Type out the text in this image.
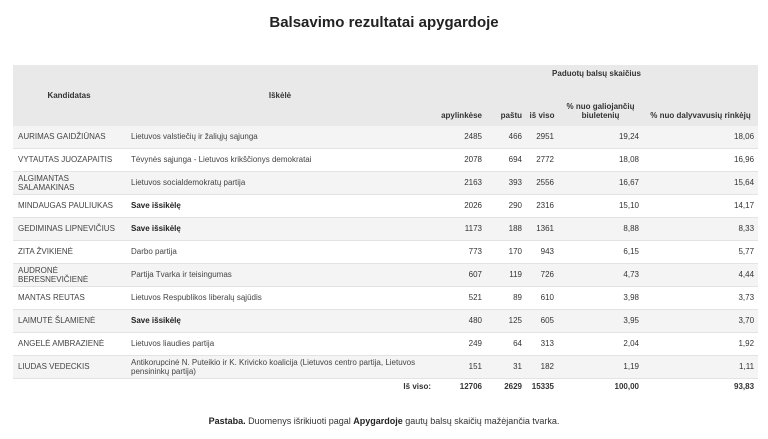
Balsavimo rezultatai apygardoje
Kandidatas	Iškėlė	Paduotų balsų skaičius				
		apylinkėse	paštu	iš viso	% nuo galiojančių biuletenių	% nuo dalyvavusių rinkėjų
AURIMAS GAIDŽIŪNAS	Lietuvos valstiečių ir žaliųjų sąjunga	2485	466	2951	19,24	18,06
VYTAUTAS JUOZAPAITIS	Tėvynės sąjunga - Lietuvos krikščionys demokratai	2078	694	2772	18,08	16,96
ALGIMANTAS SALAMAKINAS	Lietuvos socialdemokratų partija	2163	393	2556	16,67	15,64
MINDAUGAS PAULIUKAS	Save išsikėlę	2026	290	2316	15,10	14,17
GEDIMINAS LIPNEVIČIUS	Save išsikėlę	1173	188	1361	8,88	8,33
ZITA ŽVIKIENĖ	Darbo partija	773	170	943	6,15	5,77
AUDRONĖ BERESNEVIČIENĖ	Partija Tvarka ir teisingumas	607	119	726	4,73	4,44
MANTAS REUTAS	Lietuvos Respublikos liberalų sąjūdis	521	89	610	3,98	3,73
LAIMUTĖ ŠLAMIENĖ	Save išsikėlę	480	125	605	3,95	3,70
ANGELĖ AMBRAZIENĖ	Lietuvos liaudies partija	249	64	313	2,04	1,92
LIUDAS VEDECKIS	Antikorupcinė N. Puteikio ir K. Krivicko koalicija (Lietuvos centro partija, Lietuvos pensininkų partija)	151	31	182	1,19	1,11
	Iš viso:	12706	2629	15335	100,00	93,83
Pastaba. Duomenys išrikiuoti pagal Apygardoje gautų balsų skaičių mažėjančia tvarka.
